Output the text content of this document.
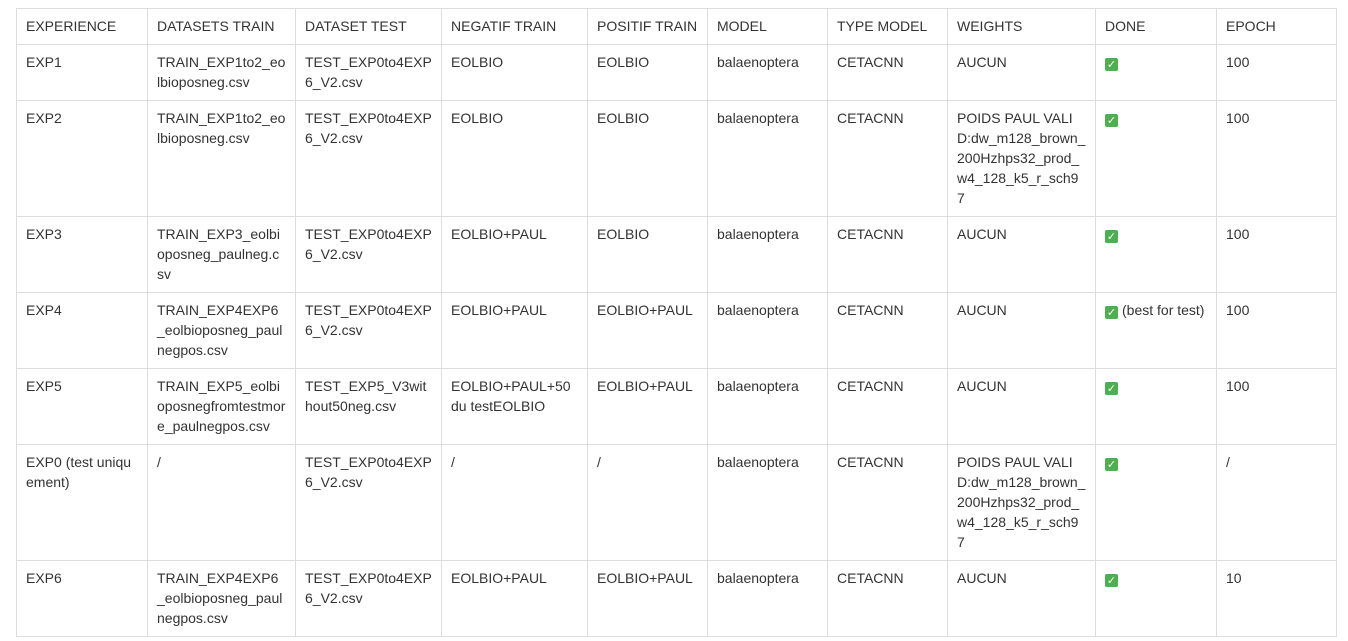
EXPERIENCE	DATASETS TRAIN	DATASET TEST	NEGATIF TRAIN	POSITIF TRAIN	MODEL	TYPE MODEL	WEIGHTS	DONE	EPOCH
EXP1	TRAIN_EXP1to2_eolbioposneg.csv	TEST_EXP0to4EXP6_V2.csv	EOLBIO	EOLBIO	balaenoptera	CETACNN	AUCUN	✓	100
EXP2	TRAIN_EXP1to2_eolbioposneg.csv	TEST_EXP0to4EXP6_V2.csv	EOLBIO	EOLBIO	balaenoptera	CETACNN	POIDS PAUL VALID:dw_m128_brown_200Hzhps32_prod_w4_128_k5_r_sch97	✓	100
EXP3	TRAIN_EXP3_eolbioposneg_paulneg.csv	TEST_EXP0to4EXP6_V2.csv	EOLBIO+PAUL	EOLBIO	balaenoptera	CETACNN	AUCUN	✓	100
EXP4	TRAIN_EXP4EXP6_eolbioposneg_paulnegpos.csv	TEST_EXP0to4EXP6_V2.csv	EOLBIO+PAUL	EOLBIO+PAUL	balaenoptera	CETACNN	AUCUN	✓ (best for test)	100
EXP5	TRAIN_EXP5_eolbioposnegfromtestmore_paulnegpos.csv	TEST_EXP5_V3without50neg.csv	EOLBIO+PAUL+50du testEOLBIO	EOLBIO+PAUL	balaenoptera	CETACNN	AUCUN	✓	100
EXP0 (test uniquement)	/	TEST_EXP0to4EXP6_V2.csv	/	/	balaenoptera	CETACNN	POIDS PAUL VALID:dw_m128_brown_200Hzhps32_prod_w4_128_k5_r_sch97	✓	/
EXP6	TRAIN_EXP4EXP6_eolbioposneg_paulnegpos.csv	TEST_EXP0to4EXP6_V2.csv	EOLBIO+PAUL	EOLBIO+PAUL	balaenoptera	CETACNN	AUCUN	✓	10
